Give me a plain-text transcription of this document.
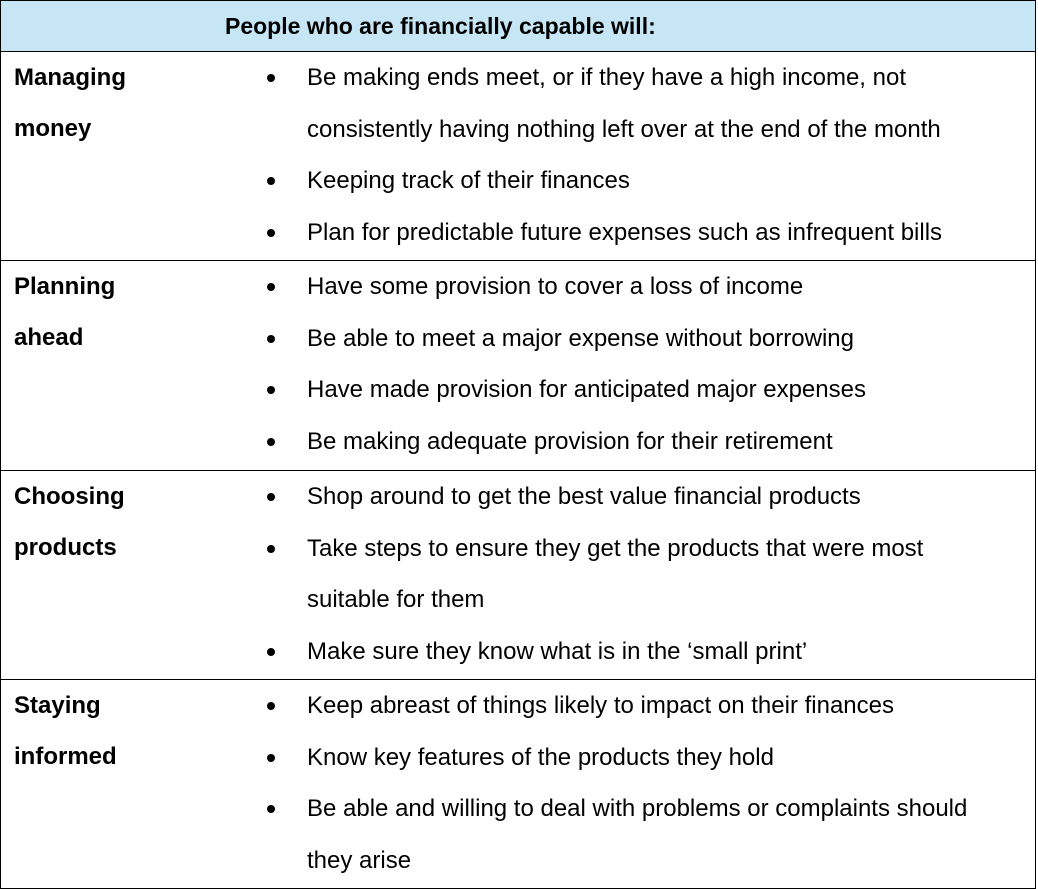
People who are financially capable will:
Managing
money
Be making ends meet, or if they have a high income, not consistently having nothing left over at the end of the month
Keeping track of their finances
Plan for predictable future expenses such as infrequent bills
Planning
ahead
Have some provision to cover a loss of income
Be able to meet a major expense without borrowing
Have made provision for anticipated major expenses
Be making adequate provision for their retirement
Choosing
products
Shop around to get the best value financial products
Take steps to ensure they get the products that were most suitable for them
Make sure they know what is in the ‘small print’
Staying
informed
Keep abreast of things likely to impact on their finances
Know key features of the products they hold
Be able and willing to deal with problems or complaints should they arise
